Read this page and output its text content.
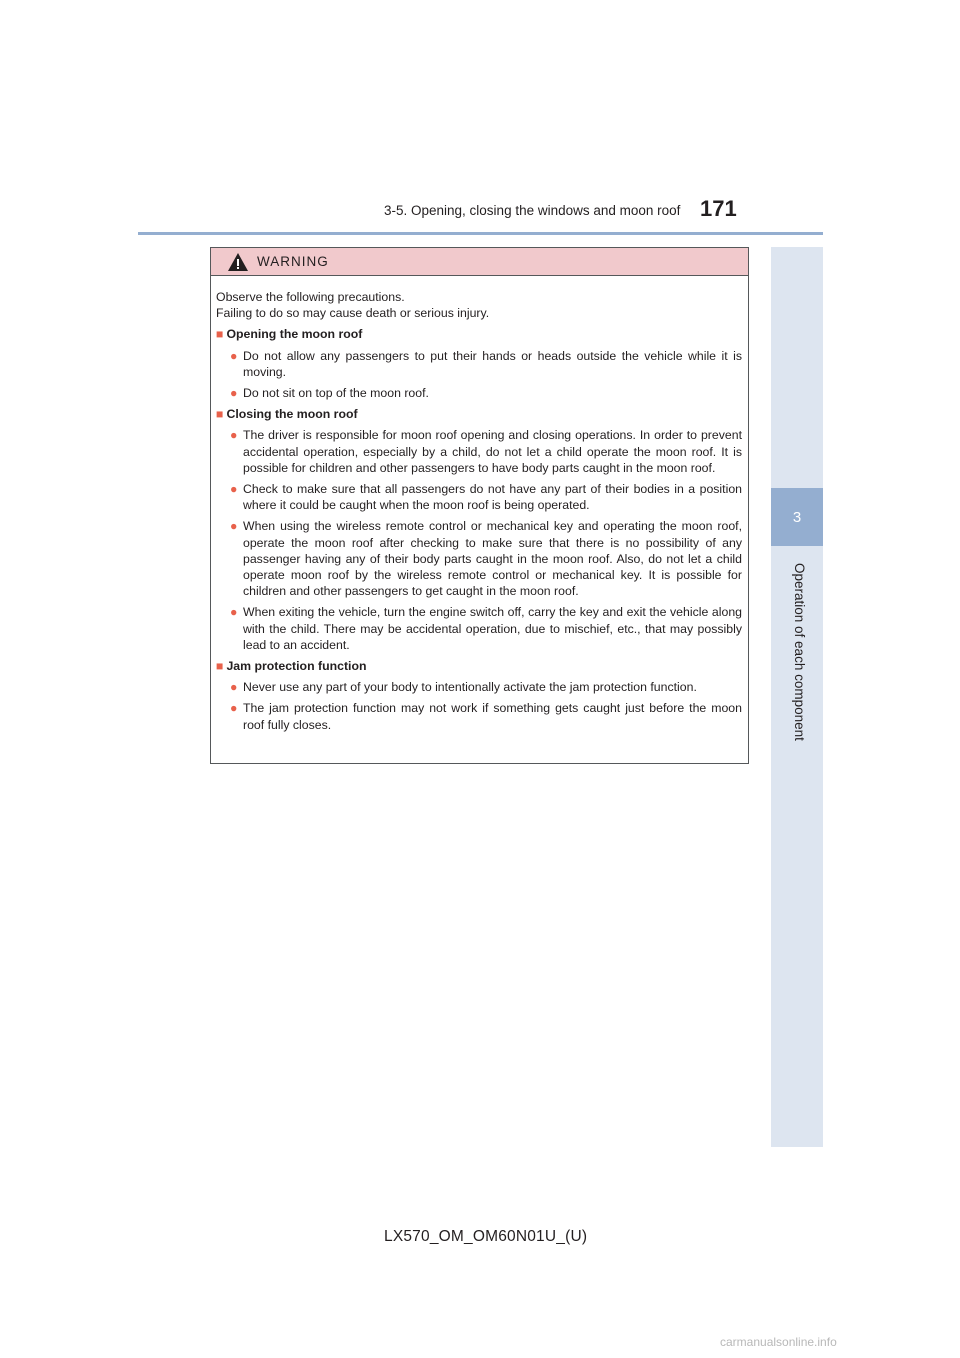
3-5. Opening, closing the windows and moon roof 171
3
Operation of each component
WARNING

Observe the following precautions.

Failing to do so may cause death or serious injury.

■ Opening the moon roof

● Do not allow any passengers to put their hands or heads outside the vehicle while it is moving.
● Do not sit on top of the moon roof.

■ Closing the moon roof

● The driver is responsible for moon roof opening and closing operations. In order to prevent accidental operation, especially by a child, do not let a child operate the moon roof. It is possible for children and other passengers to have body parts caught in the moon roof.
● Check to make sure that all passengers do not have any part of their bodies in a position where it could be caught when the moon roof is being operated.
● When using the wireless remote control or mechanical key and operating the moon roof, operate the moon roof after checking to make sure that there is no possibility of any passenger having any of their body parts caught in the moon roof. Also, do not let a child operate moon roof by the wireless remote control or mechanical key. It is possible for children and other passengers to get caught in the moon roof.
● When exiting the vehicle, turn the engine switch off, carry the key and exit the vehicle along with the child. There may be accidental operation, due to mischief, etc., that may possibly lead to an accident.

■ Jam protection function

● Never use any part of your body to intentionally activate the jam protection function.
● The jam protection function may not work if something gets caught just before the moon roof fully closes.
LX570_OM_OM60N01U_(U)
carmanualsonline.info
